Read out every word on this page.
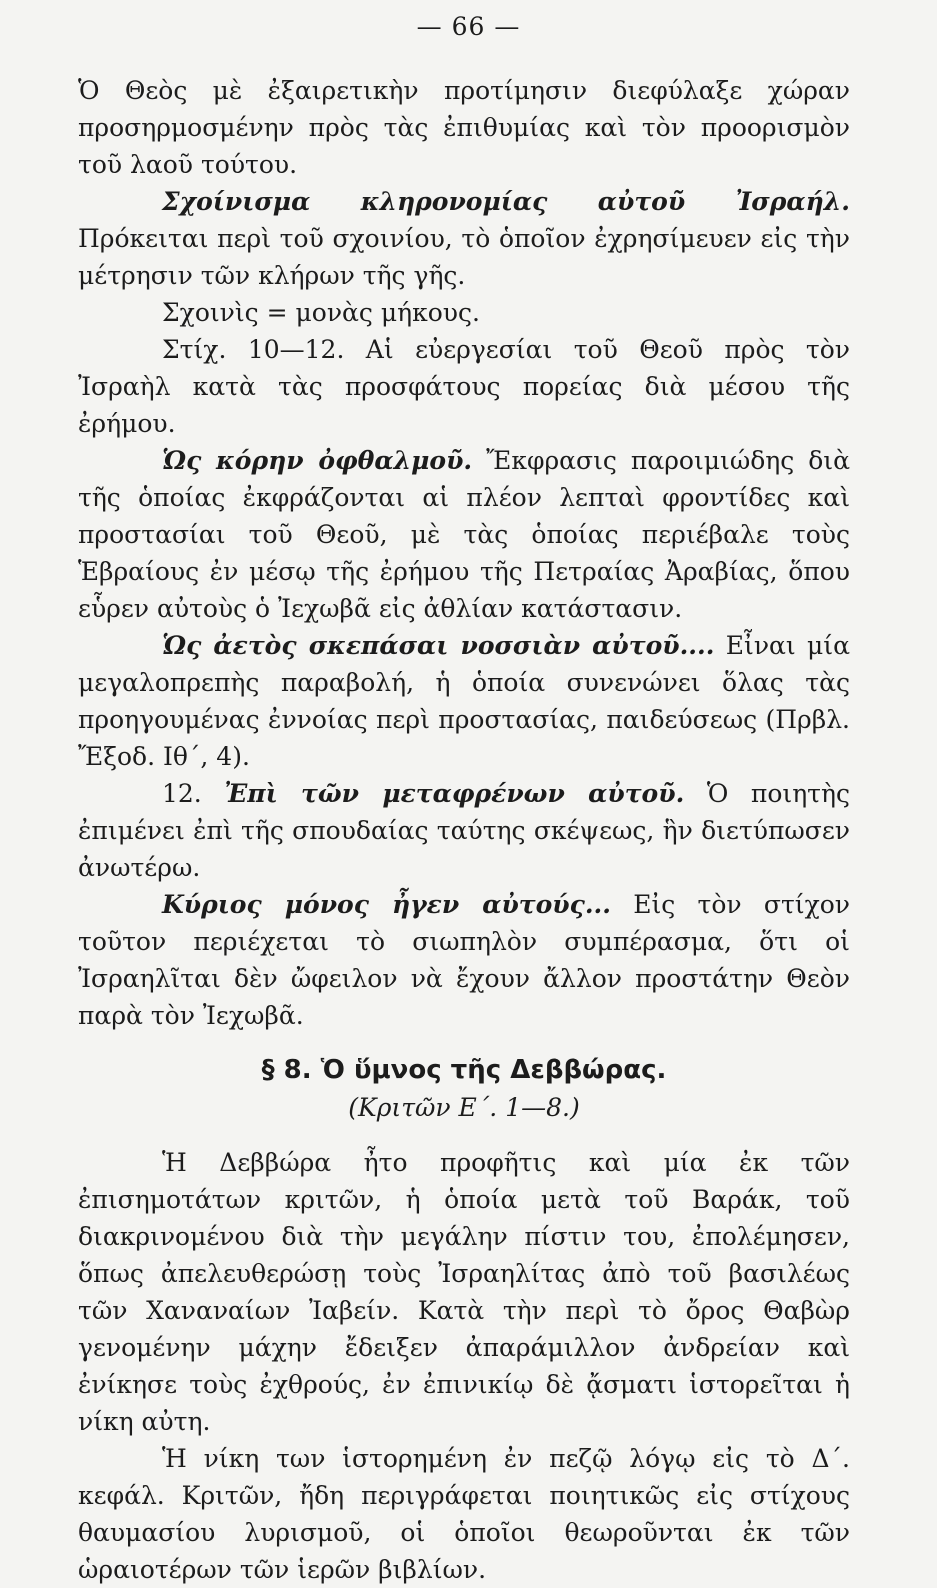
— 66 —

Ὁ Θεὸς μὲ ἐξαιρετικὴν προτίμησιν διεφύλαξε χώραν προσηρμοσμένην πρὸς τὰς ἐπιθυμίας καὶ τὸν προορισμὸν τοῦ λαοῦ τούτου.

Σχοίνισμα κληρονομίας αὐτοῦ Ἰσραήλ. Πρόκειται περὶ τοῦ σχοινίου, τὸ ὁποῖον ἐχρησίμευεν εἰς τὴν μέτρησιν τῶν κλήρων τῆς γῆς.

Σχοινὶς = μονὰς μήκους.

Στίχ. 10—12. Αἱ εὐεργεσίαι τοῦ Θεοῦ πρὸς τὸν Ἰσραὴλ κατὰ τὰς προσφάτους πορείας διὰ μέσου τῆς ἐρήμου.

Ὡς κόρην ὀφθαλμοῦ. Ἔκφρασις παροιμιώδης διὰ τῆς ὁποίας ἐκφράζονται αἱ πλέον λεπταὶ φροντίδες καὶ προστασίαι τοῦ Θεοῦ, μὲ τὰς ὁποίας περιέβαλε τοὺς Ἑβραίους ἐν μέσῳ τῆς ἐρήμου τῆς Πετραίας Ἀραβίας, ὅπου εὗρεν αὐτοὺς ὁ Ἰεχωβᾶ εἰς ἀθλίαν κατάστασιν.

Ὡς ἀετὸς σκεπάσαι νοσσιὰν αὐτοῦ.... Εἶναι μία μεγαλοπρεπὴς παραβολή, ἡ ὁποία συνενώνει ὅλας τὰς προηγουμένας ἐννοίας περὶ προστασίας, παιδεύσεως (Πρβλ. Ἔξοδ. Ιθ΄, 4).

12. Ἐπὶ τῶν μεταφρένων αὐτοῦ. Ὁ ποιητὴς ἐπιμένει ἐπὶ τῆς σπουδαίας ταύτης σκέψεως, ἣν διετύπωσεν ἀνωτέρω.

Κύριος μόνος ἦγεν αὐτούς... Εἰς τὸν στίχον τοῦτον περιέχεται τὸ σιωπηλὸν συμπέρασμα, ὅτι οἱ Ἰσραηλῖται δὲν ὤφειλον νὰ ἔχουν ἄλλον προστάτην Θεὸν παρὰ τὸν Ἰεχωβᾶ.

§ 8. Ὁ ὕμνος τῆς Δεββώρας.

(Κριτῶν Ε΄. 1—8.)

Ἡ Δεββώρα ἦτο προφῆτις καὶ μία ἐκ τῶν ἐπισημοτάτων κριτῶν, ἡ ὁποία μετὰ τοῦ Βαράκ, τοῦ διακρινομένου διὰ τὴν μεγάλην πίστιν του, ἐπολέμησεν, ὅπως ἀπελευθερώσῃ τοὺς Ἰσραηλίτας ἀπὸ τοῦ βασιλέως τῶν Χαναναίων Ἰαβείν. Κατὰ τὴν περὶ τὸ ὄρος Θαβὼρ γενομένην μάχην ἔδειξεν ἀπαράμιλλον ἀνδρείαν καὶ ἐνίκησε τοὺς ἐχθρούς, ἐν ἐπινικίῳ δὲ ᾄσματι ἱστορεῖται ἡ νίκη αὐτη.

Ἡ νίκη των ἱστορημένη ἐν πεζῷ λόγῳ εἰς τὸ Δ΄. κεφάλ. Κριτῶν, ἤδη περιγράφεται ποιητικῶς εἰς στίχους θαυμασίου λυρισμοῦ, οἱ ὁποῖοι θεωροῦνται ἐκ τῶν ὡραιοτέρων τῶν ἱερῶν βιβλίων.
